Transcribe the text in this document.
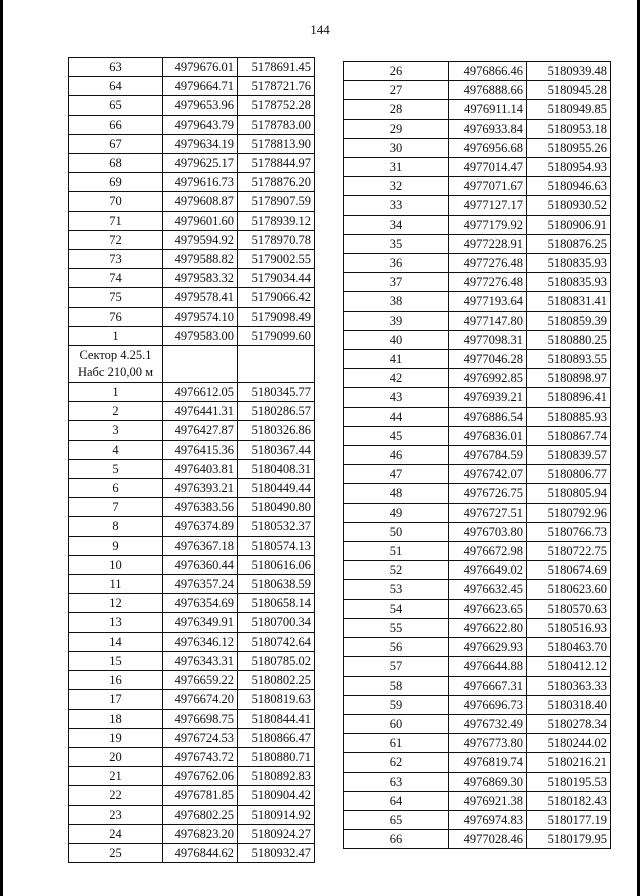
144
63	4979676.01	5178691.45
64	4979664.71	5178721.76
65	4979653.96	5178752.28
66	4979643.79	5178783.00
67	4979634.19	5178813.90
68	4979625.17	5178844.97
69	4979616.73	5178876.20
70	4979608.87	5178907.59
71	4979601.60	5178939.12
72	4979594.92	5178970.78
73	4979588.82	5179002.55
74	4979583.32	5179034.44
75	4979578.41	5179066.42
76	4979574.10	5179098.49
1	4979583.00	5179099.60

Сектор 4.25.1
Набс 210,00 м		

1	4976612.05	5180345.77
2	4976441.31	5180286.57
3	4976427.87	5180326.86
4	4976415.36	5180367.44
5	4976403.81	5180408.31
6	4976393.21	5180449.44
7	4976383.56	5180490.80
8	4976374.89	5180532.37
9	4976367.18	5180574.13
10	4976360.44	5180616.06
11	4976357.24	5180638.59
12	4976354.69	5180658.14
13	4976349.91	5180700.34
14	4976346.12	5180742.64
15	4976343.31	5180785.02
16	4976659.22	5180802.25
17	4976674.20	5180819.63
18	4976698.75	5180844.41
19	4976724.53	5180866.47
20	4976743.72	5180880.71
21	4976762.06	5180892.83
22	4976781.85	5180904.42
23	4976802.25	5180914.92
24	4976823.20	5180924.27
25	4976844.62	5180932.47
26	4976866.46	5180939.48
27	4976888.66	5180945.28
28	4976911.14	5180949.85
29	4976933.84	5180953.18
30	4976956.68	5180955.26
31	4977014.47	5180954.93
32	4977071.67	5180946.63
33	4977127.17	5180930.52
34	4977179.92	5180906.91
35	4977228.91	5180876.25
36	4977276.48	5180835.93
37	4977276.48	5180835.93
38	4977193.64	5180831.41
39	4977147.80	5180859.39
40	4977098.31	5180880.25
41	4977046.28	5180893.55
42	4976992.85	5180898.97
43	4976939.21	5180896.41
44	4976886.54	5180885.93
45	4976836.01	5180867.74
46	4976784.59	5180839.57
47	4976742.07	5180806.77
48	4976726.75	5180805.94
49	4976727.51	5180792.96
50	4976703.80	5180766.73
51	4976672.98	5180722.75
52	4976649.02	5180674.69
53	4976632.45	5180623.60
54	4976623.65	5180570.63
55	4976622.80	5180516.93
56	4976629.93	5180463.70
57	4976644.88	5180412.12
58	4976667.31	5180363.33
59	4976696.73	5180318.40
60	4976732.49	5180278.34
61	4976773.80	5180244.02
62	4976819.74	5180216.21
63	4976869.30	5180195.53
64	4976921.38	5180182.43
65	4976974.83	5180177.19
66	4977028.46	5180179.95
